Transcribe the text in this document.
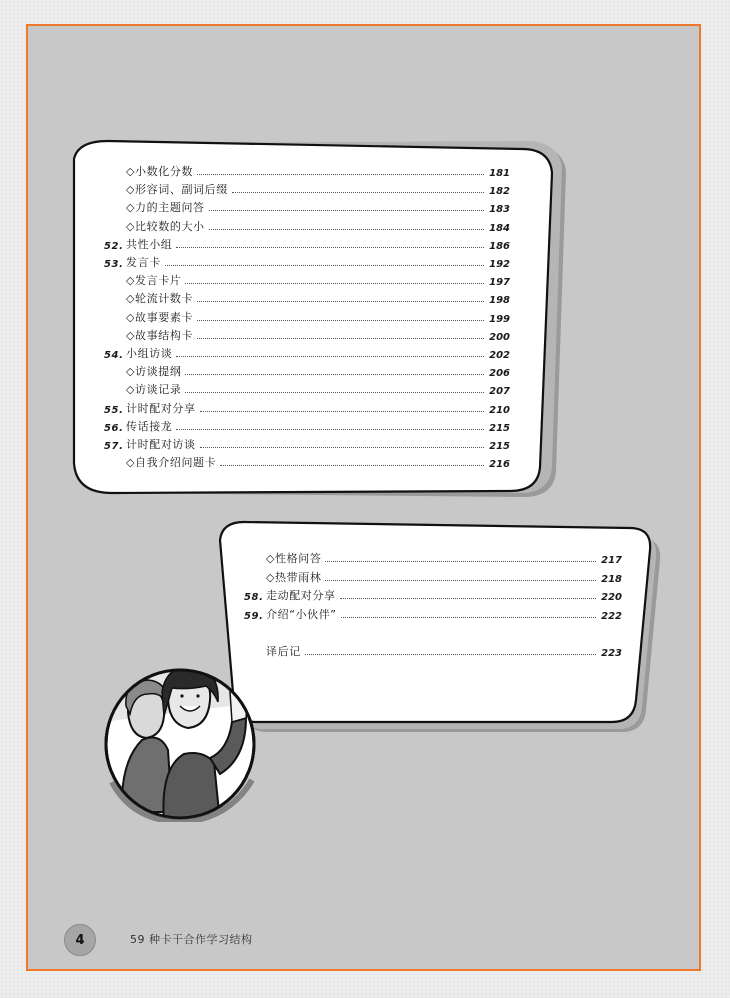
◇小数化分数	181
◇形容词、副词后缀	182
◇力的主题问答	183
◇比较数的大小	184
52. 共性小组	186
53. 发言卡	192
◇发言卡片	197
◇轮流计数卡	198
◇故事要素卡	199
◇故事结构卡	200
54. 小组访谈	202
◇访谈提纲	206
◇访谈记录	207
55. 计时配对分享	210
56. 传话接龙	215
57. 计时配对访谈	215
◇自我介绍问题卡	216
◇性格问答	217
◇热带雨林	218
58. 走动配对分享	220
59. 介绍“小伙伴”	222
译后记	223
4	59 种卡干合作学习结构
